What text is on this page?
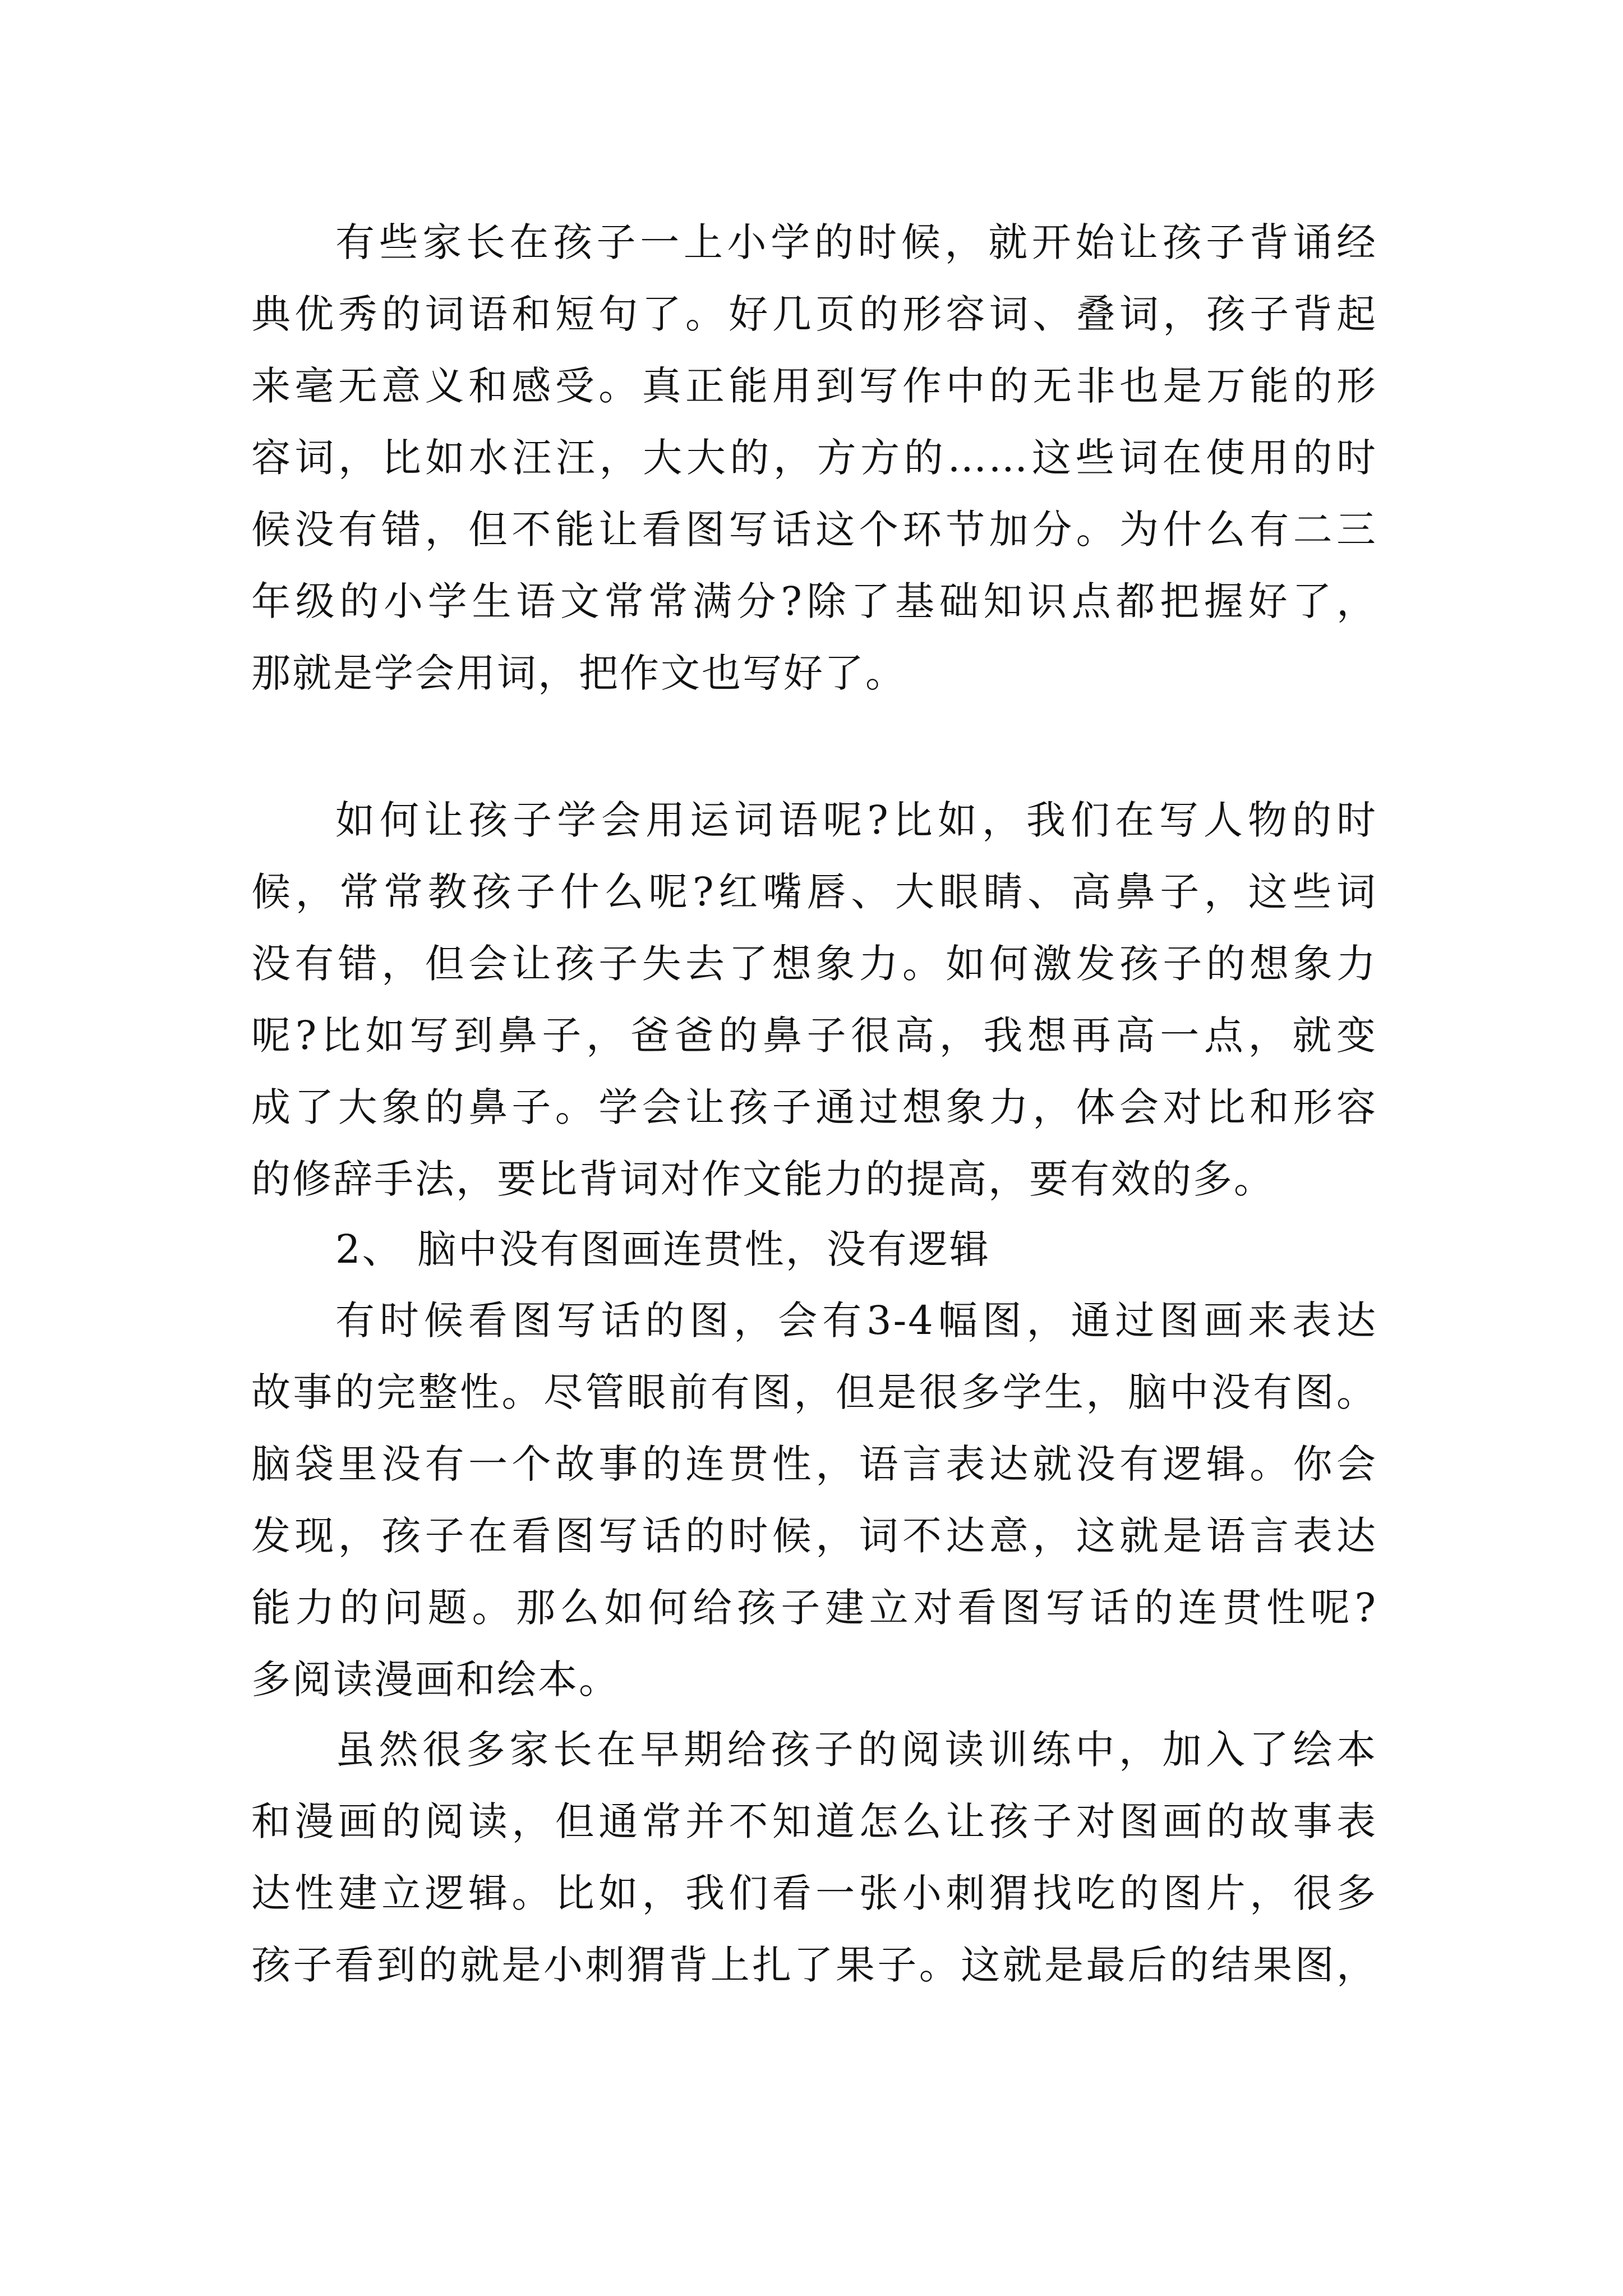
有些家长在孩子一上小学的时候，就开始让孩子背诵经
典优秀的词语和短句了。好几页的形容词、叠词，孩子背起
来毫无意义和感受。真正能用到写作中的无非也是万能的形
容词，比如水汪汪，大大的，方方的……这些词在使用的时
候没有错，但不能让看图写话这个环节加分。为什么有二三
年级的小学生语文常常满分?除了基础知识点都把握好了，
那就是学会用词，把作文也写好了。
如何让孩子学会用运词语呢?比如，我们在写人物的时
候，常常教孩子什么呢?红嘴唇、大眼睛、高鼻子，这些词
没有错，但会让孩子失去了想象力。如何激发孩子的想象力
呢?比如写到鼻子，爸爸的鼻子很高，我想再高一点，就变
成了大象的鼻子。学会让孩子通过想象力，体会对比和形容
的修辞手法，要比背词对作文能力的提高，要有效的多。
2、 脑中没有图画连贯性，没有逻辑
有时候看图写话的图，会有3-4幅图，通过图画来表达
故事的完整性。尽管眼前有图，但是很多学生，脑中没有图。
脑袋里没有一个故事的连贯性，语言表达就没有逻辑。你会
发现，孩子在看图写话的时候，词不达意，这就是语言表达
能力的问题。那么如何给孩子建立对看图写话的连贯性呢?
多阅读漫画和绘本。
虽然很多家长在早期给孩子的阅读训练中，加入了绘本
和漫画的阅读，但通常并不知道怎么让孩子对图画的故事表
达性建立逻辑。比如，我们看一张小刺猬找吃的图片，很多
孩子看到的就是小刺猬背上扎了果子。这就是最后的结果图，
